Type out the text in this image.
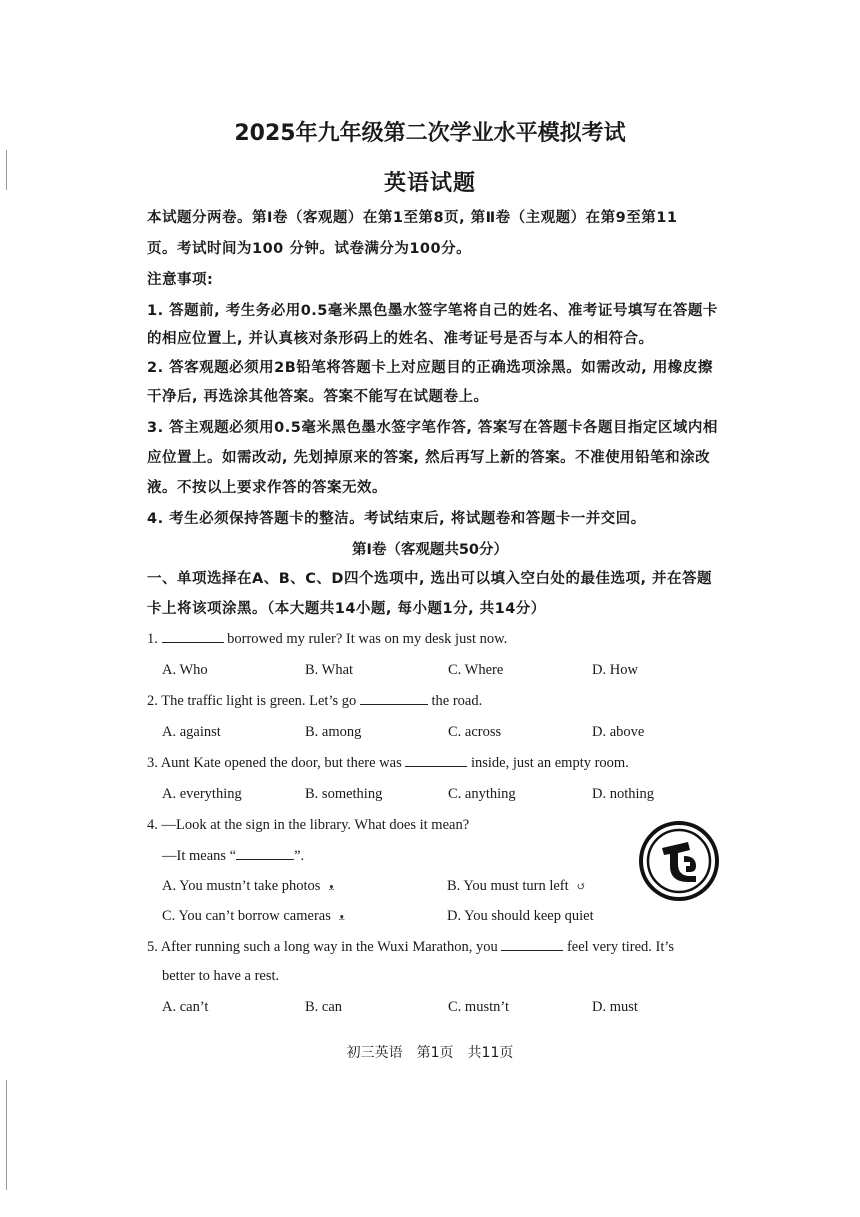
2025年九年级第二次学业水平模拟考试
英语试题
本试题分两卷。第Ⅰ卷（客观题）在第1至第8页, 第Ⅱ卷（主观题）在第9至第11
页。考试时间为100 分钟。试卷满分为100分。
注意事项:
1. 答题前, 考生务必用0.5毫米黑色墨水签字笔将自己的姓名、准考证号填写在答题卡
的相应位置上, 并认真核对条形码上的姓名、准考证号是否与本人的相符合。
2. 答客观题必须用2B铅笔将答题卡上对应题目的正确选项涂黑。如需改动, 用橡皮擦
干净后, 再选涂其他答案。答案不能写在试题卷上。
3. 答主观题必须用0.5毫米黑色墨水签字笔作答, 答案写在答题卡各题目指定区域内相
应位置上。如需改动, 先划掉原来的答案, 然后再写上新的答案。不准使用铅笔和涂改
液。不按以上要求作答的答案无效。
4. 考生必须保持答题卡的整洁。考试结束后, 将试题卷和答题卡一并交回。
第Ⅰ卷（客观题共50分）
一、单项选择在A、B、C、D四个选项中, 选出可以填入空白处的最佳选项, 并在答题
卡上将该项涂黑。（本大题共14小题, 每小题1分, 共14分）
1.	borrowed my ruler? It was on my desk just now.
A. Who	B. What	C. Where	D. How
2. The traffic light is green. Let’s go	the road.
A. against	B. among	C. across	D. above
3. Aunt Kate opened the door, but there was	inside, just an empty room.
A. everything	B. something	C. anything	D. nothing
4. —Look at the sign in the library. What does it mean?
—It means “	”.
A. You mustn’t take photos ᴥ	B. You must turn left ↺
C. You can’t borrow cameras ᴥ	D. You should keep quiet
5. After running such a long way in the Wuxi Marathon, you	feel very tired. It’s
better to have a rest.
A. can’t	B. can	C. mustn’t	D. must
初三英语　第1页　共11页
